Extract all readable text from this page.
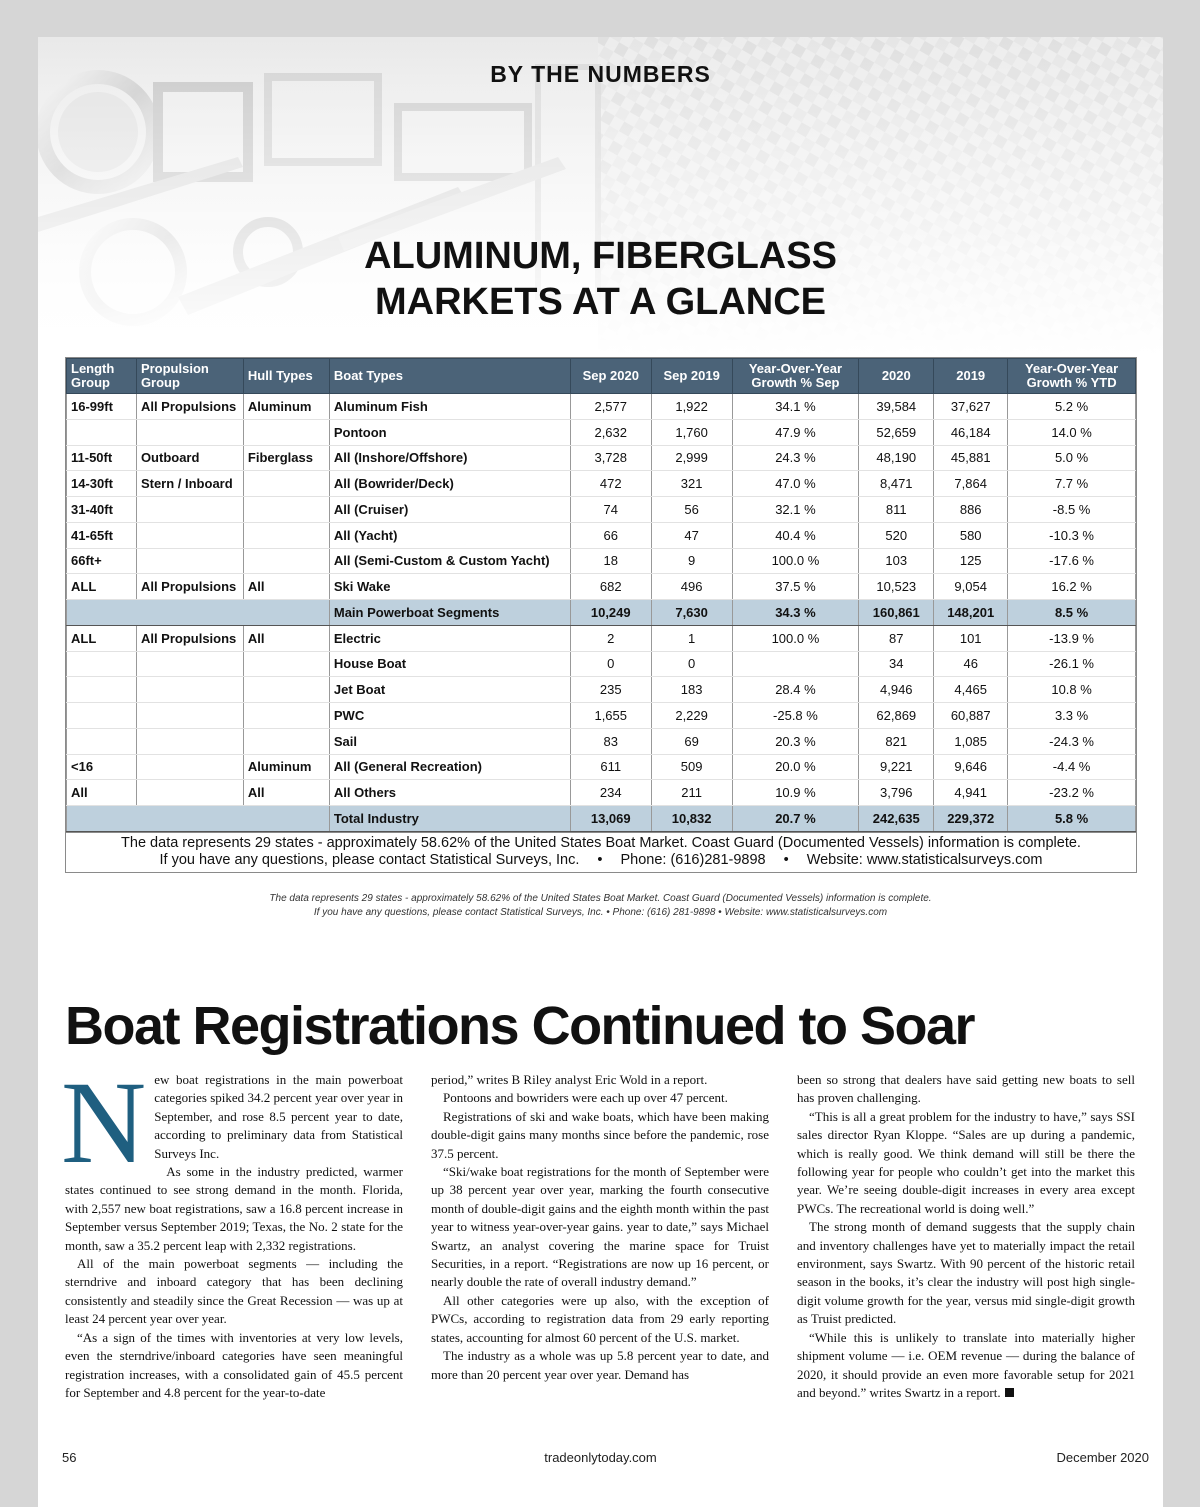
BY THE NUMBERS
ALUMINUM, FIBERGLASS
MARKETS AT A GLANCE
Length Group	Propulsion Group	Hull Types	Boat Types	Sep 2020	Sep 2019	Year-Over-Year Growth % Sep	2020	2019	Year-Over-Year Growth % YTD
16-99ft	All Propulsions	Aluminum	Aluminum Fish	2,577	1,922	34.1 %	39,584	37,627	5.2 %
			Pontoon	2,632	1,760	47.9 %	52,659	46,184	14.0 %
11-50ft	Outboard	Fiberglass	All (Inshore/Offshore)	3,728	2,999	24.3 %	48,190	45,881	5.0 %
14-30ft	Stern / Inboard		All (Bowrider/Deck)	472	321	47.0 %	8,471	7,864	7.7 %
31-40ft			All (Cruiser)	74	56	32.1 %	811	886	-8.5 %
41-65ft			All (Yacht)	66	47	40.4 %	520	580	-10.3 %
66ft+			All (Semi-Custom & Custom Yacht)	18	9	100.0 %	103	125	-17.6 %
ALL	All Propulsions	All	Ski Wake	682	496	37.5 %	10,523	9,054	16.2 %
			Main Powerboat Segments	10,249	7,630	34.3 %	160,861	148,201	8.5 %
ALL	All Propulsions	All	Electric	2	1	100.0 %	87	101	-13.9 %
			House Boat	0	0		34	46	-26.1 %
			Jet Boat	235	183	28.4 %	4,946	4,465	10.8 %
			PWC	1,655	2,229	-25.8 %	62,869	60,887	3.3 %
			Sail	83	69	20.3 %	821	1,085	-24.3 %
<16		Aluminum	All (General Recreation)	611	509	20.0 %	9,221	9,646	-4.4 %
All		All	All Others	234	211	10.9 %	3,796	4,941	-23.2 %
			Total Industry	13,069	10,832	20.7 %	242,635	229,372	5.8 %
The data represents 29 states - approximately 58.62% of the United States Boat Market. Coast Guard (Documented Vessels) information is complete.
If you have any questions, please contact Statistical Surveys, Inc. • Phone: (616)281-9898 • Website: www.statisticalsurveys.com
The data represents 29 states - approximately 58.62% of the United States Boat Market. Coast Guard (Documented Vessels) information is complete.
If you have any questions, please contact Statistical Surveys, Inc. • Phone: (616) 281-9898 • Website: www.statisticalsurveys.com
Boat Registrations Continued to Soar
N ew boat registrations in the main powerboat categories spiked 34.2 percent year over year in September, and rose 8.5 percent year to date, according to preliminary data from Statistical Surveys Inc.

As some in the industry predicted, warmer states continued to see strong demand in the month. Florida, with 2,557 new boat registrations, saw a 16.8 percent increase in September versus September 2019; Texas, the No. 2 state for the month, saw a 35.2 percent leap with 2,332 registrations.

All of the main powerboat segments — including the sterndrive and inboard category that has been declining consistently and steadily since the Great Recession — was up at least 24 percent year over year.

“As a sign of the times with inventories at very low levels, even the sterndrive/inboard categories have seen meaningful registration increases, with a consolidated gain of 45.5 percent for September and 4.8 percent for the year-to-date

period,” writes B Riley analyst Eric Wold in a report.

Pontoons and bowriders were each up over 47 percent.

Registrations of ski and wake boats, which have been making double-digit gains many months since before the pandemic, rose 37.5 percent.

“Ski/wake boat registrations for the month of September were up 38 percent year over year, marking the fourth consecutive month of double-digit gains and the eighth month within the past year to witness year-over-year gains. year to date,” says Michael Swartz, an analyst covering the marine space for Truist Securities, in a report. “Registrations are now up 16 percent, or nearly double the rate of overall industry demand.”

All other categories were up also, with the exception of PWCs, according to registration data from 29 early reporting states, accounting for almost 60 percent of the U.S. market.

The industry as a whole was up 5.8 percent year to date, and more than 20 percent year over year. Demand has

been so strong that dealers have said getting new boats to sell has proven challenging.

“This is all a great problem for the industry to have,” says SSI sales director Ryan Kloppe. “Sales are up during a pandemic, which is really good. We think demand will still be there the following year for people who couldn’t get into the market this year. We’re seeing double-digit increases in every area except PWCs. The recreational world is doing well.”

The strong month of demand suggests that the supply chain and inventory challenges have yet to materially impact the retail environment, says Swartz. With 90 percent of the historic retail season in the books, it’s clear the industry will post high single-digit volume growth for the year, versus mid single-digit growth as Truist predicted.

“While this is unlikely to translate into materially higher shipment volume — i.e. OEM revenue — during the balance of 2020, it should provide an even more favorable setup for 2021 and beyond.” writes Swartz in a report.

56	tradeonlytoday.com	December 2020
